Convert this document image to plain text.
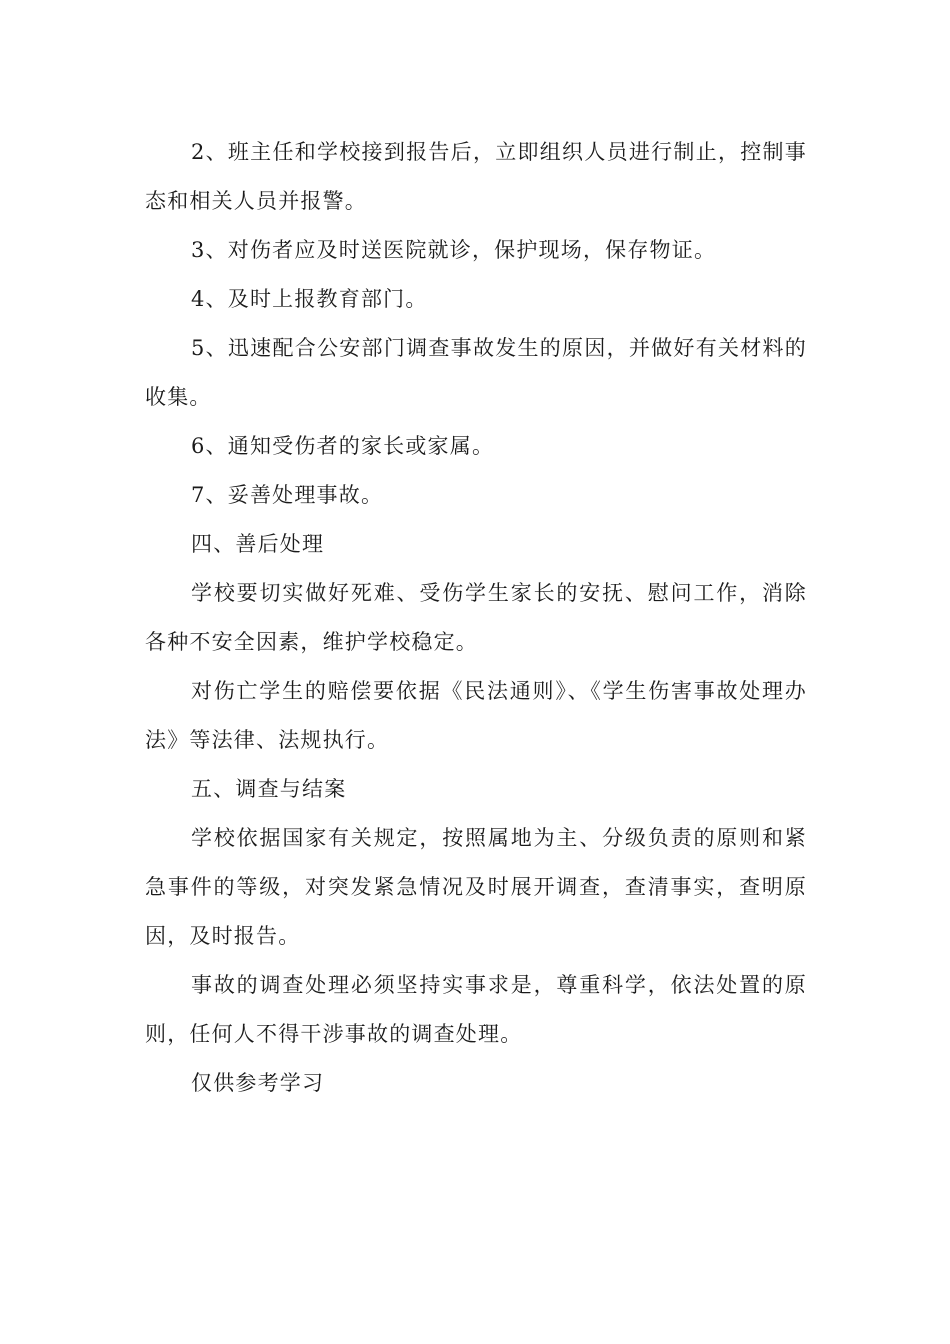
2、班主任和学校接到报告后，立即组织人员进行制止，控制事态和相关人员并报警。

3、对伤者应及时送医院就诊，保护现场，保存物证。

4、及时上报教育部门。

5、迅速配合公安部门调查事故发生的原因，并做好有关材料的收集。

6、通知受伤者的家长或家属。

7、妥善处理事故。

四、善后处理

学校要切实做好死难、受伤学生家长的安抚、慰问工作，消除各种不安全因素，维护学校稳定。

对伤亡学生的赔偿要依据《民法通则》、《学生伤害事故处理办法》等法律、法规执行。

五、调查与结案

学校依据国家有关规定，按照属地为主、分级负责的原则和紧急事件的等级，对突发紧急情况及时展开调查，查清事实，查明原因，及时报告。

事故的调查处理必须坚持实事求是，尊重科学，依法处置的原则，任何人不得干涉事故的调查处理。

仅供参考学习
